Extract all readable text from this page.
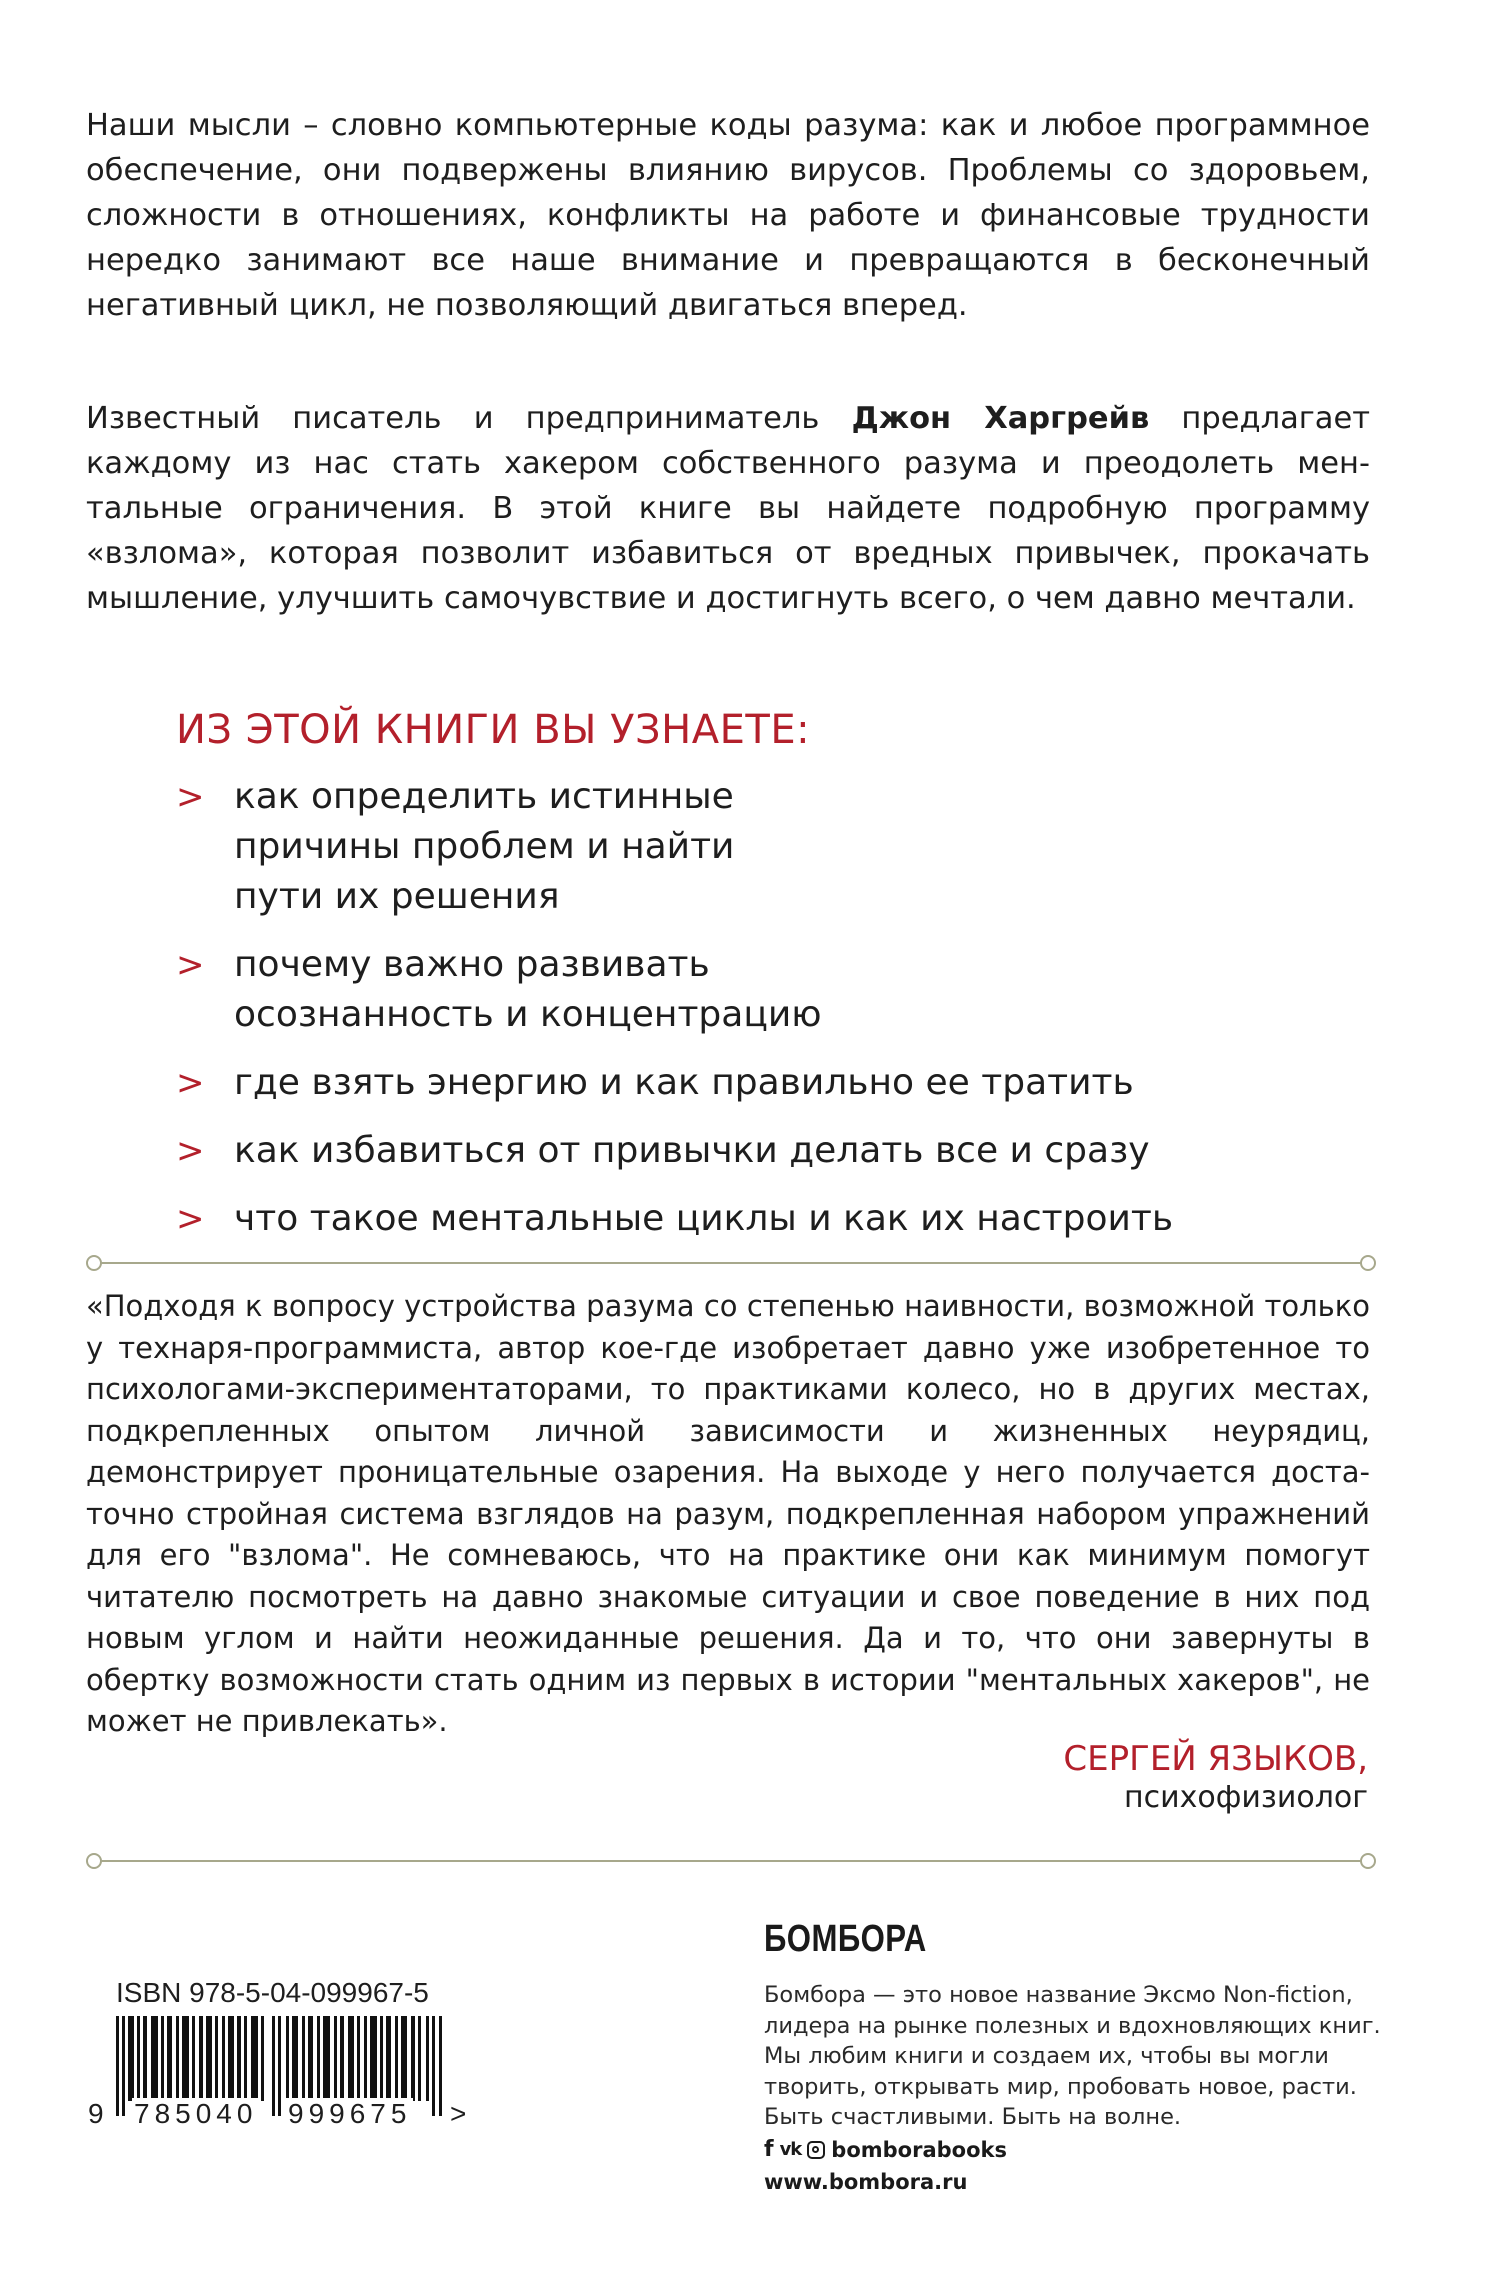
Наши мысли – словно компьютерные коды разума: как и любое программное обеспечение, они подвержены влиянию вирусов. Проблемы со здоровьем, сложности в отношениях, конфликты на работе и финансовые трудности нередко занимают все наше внимание и превращаются в бесконечный негативный цикл, не позволяющий двигаться вперед.

Известный писатель и предприниматель Джон Харгрейв предлагает каждому из нас стать хакером собственного разума и преодолеть ментальные ограничения. В этой книге вы найдете подробную программу «взлома», которая позволит избавиться от вредных привычек, прокачать мышление, улучшить самочувствие и достигнуть всего, о чем давно мечтали.

ИЗ ЭТОЙ КНИГИ ВЫ УЗНАЕТЕ:
> как определить истинные причины проблем и найти пути их решения
> почему важно развивать осознанность и концентрацию
> где взять энергию и как правильно ее тратить
> как избавиться от привычки делать все и сразу
> что такое ментальные циклы и как их настроить

«Подходя к вопросу устройства разума со степенью наивности, возможной только у технаря-программиста, автор кое-где изобретает давно уже изобретенное то психологами-экспериментаторами, то практиками колесо, но в других местах, подкрепленных опытом личной зависимости и жизненных неурядиц, демонстрирует проницательные озарения. На выходе у него получается достаточно стройная система взглядов на разум, подкрепленная набором упражнений для его "взлома". Не сомневаюсь, что на практике они как минимум помогут читателю посмотреть на давно знакомые ситуации и свое поведение в них под новым углом и найти неожиданные решения. Да и то, что они завернуты в обертку возможности стать одним из первых в истории "ментальных хакеров", не может не привлекать».

СЕРГЕЙ ЯЗЫКОВ,
психофизиолог
ISBN 978-5-04-099967-5
9 785040 999675 >
БОМБОРА

Бомбора — это новое название Эксмо Non-fiction, лидера на рынке полезных и вдохновляющих книг. Мы любим книги и создаем их, чтобы вы могли творить, открывать мир, пробовать новое, расти. Быть счастливыми. Быть на волне.

f vk bomborabooks
www.bombora.ru
